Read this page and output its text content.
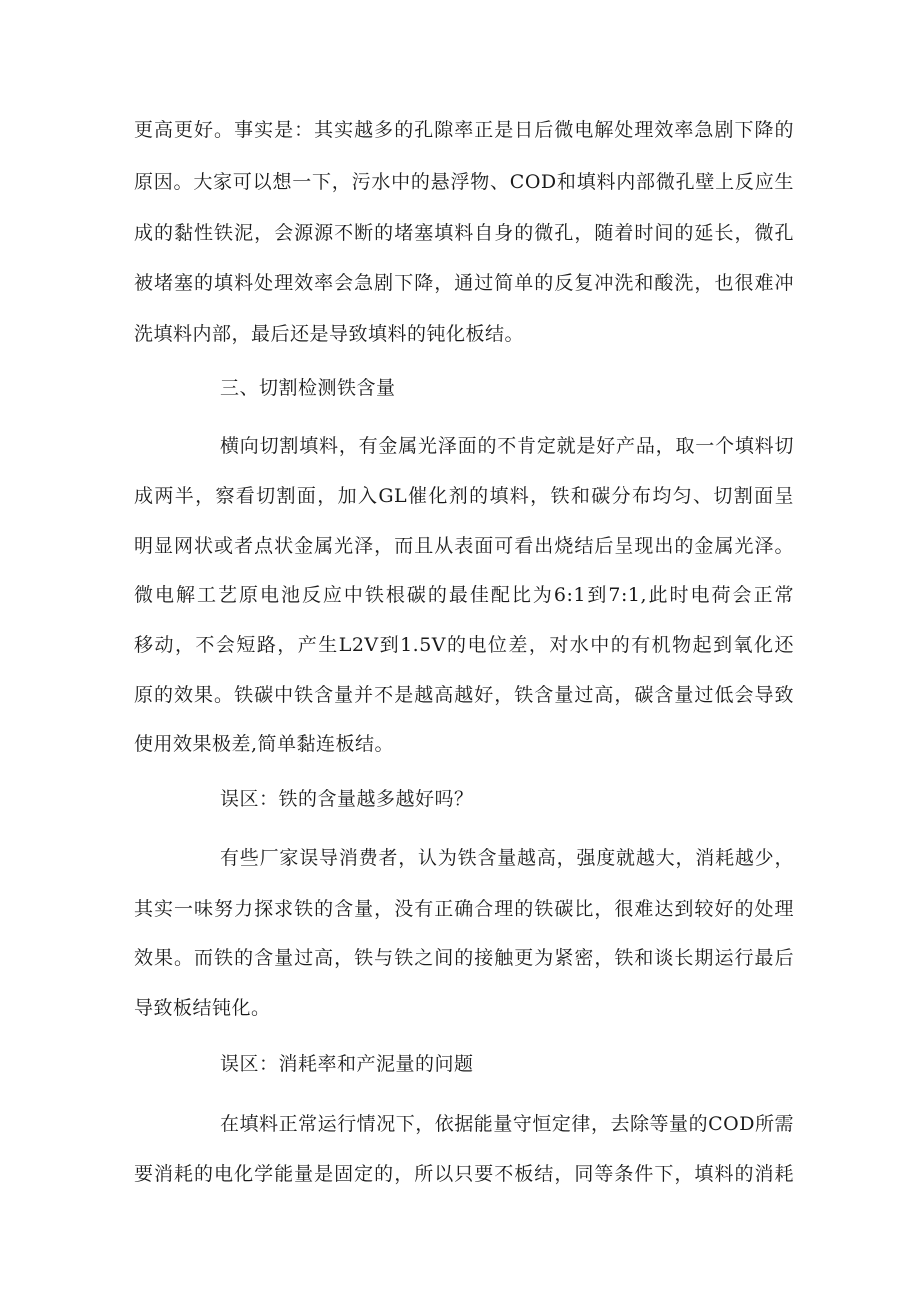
更高更好。事实是：其实越多的孔隙率正是日后微电解处理效率急剧下降的
原因。大家可以想一下，污水中的悬浮物、COD和填料内部微孔壁上反应生
成的黏性铁泥，会源源不断的堵塞填料自身的微孔，随着时间的延长，微孔
被堵塞的填料处理效率会急剧下降，通过简单的反复冲洗和酸洗，也很难冲
洗填料内部，最后还是导致填料的钝化板结。
三、切割检测铁含量
横向切割填料，有金属光泽面的不肯定就是好产品，取一个填料切
成两半，察看切割面，加入GL催化剂的填料，铁和碳分布均匀、切割面呈
明显网状或者点状金属光泽，而且从表面可看出烧结后呈现出的金属光泽。
微电解工艺原电池反应中铁根碳的最佳配比为6:1到7:1,此时电荷会正常
移动，不会短路，产生L2V到1.5V的电位差，对水中的有机物起到氧化还
原的效果。铁碳中铁含量并不是越高越好，铁含量过高，碳含量过低会导致
使用效果极差,简单黏连板结。
误区：铁的含量越多越好吗？
有些厂家误导消费者，认为铁含量越高，强度就越大，消耗越少，
其实一味努力探求铁的含量，没有正确合理的铁碳比，很难达到较好的处理
效果。而铁的含量过高，铁与铁之间的接触更为紧密，铁和谈长期运行最后
导致板结钝化。
误区：消耗率和产泥量的问题
在填料正常运行情况下，依据能量守恒定律，去除等量的COD所需
要消耗的电化学能量是固定的，所以只要不板结，同等条件下，填料的消耗
